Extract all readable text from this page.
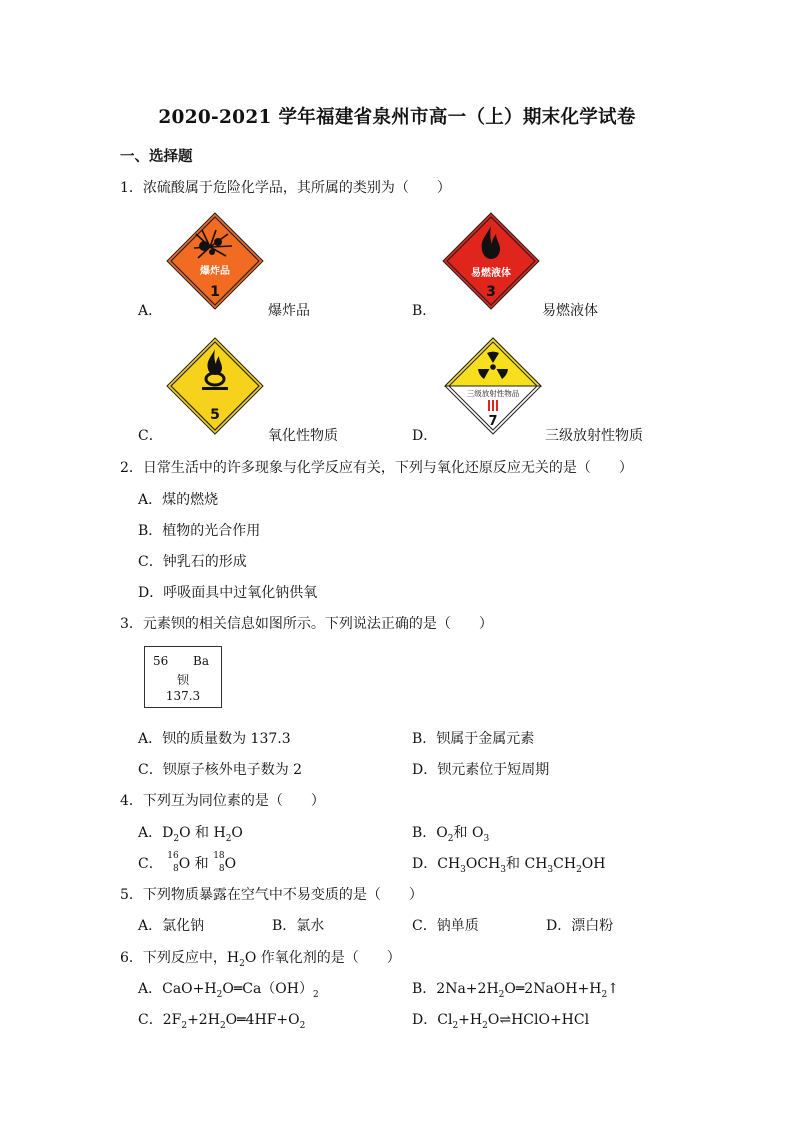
2020-2021 学年福建省泉州市高一（上）期末化学试卷
一、选择题
1．浓硫酸属于危险化学品，其所属的类别为（　　）
爆炸品
1
A．	爆炸品
易燃液体
3
B．	易燃液体
5
C．	氧化性物质
三级放射性物品
7
D．	三级放射性物质
2．日常生活中的许多现象与化学反应有关，下列与氧化还原反应无关的是（　　）
A．煤的燃烧
B．植物的光合作用
C．钟乳石的形成
D．呼吸面具中过氧化钠供氧
3．元素钡的相关信息如图所示。下列说法正确的是（　　）
56 Ba
钡
137.3
A．钡的质量数为 137.3	B．钡属于金属元素
C．钡原子核外电子数为 2	D．钡元素位于短周期
4．下列互为同位素的是（　　）
A．$D_2O$ 和 $H_2O$	B．$O_2$和 $O_3$
C． 16
8 O 和 18
8 O	D．$CH_3OCH_3$和 $CH_3CH_2OH$
5．下列物质暴露在空气中不易变质的是（　　）
A．氯化钠	B．氯水	C．钠单质	D．漂白粉
6．下列反应中，$H_2O$ 作氧化剂的是（　　）
A．$CaO+H_2O═Ca(OH)_2$	B．$2Na+2H_2O═2NaOH+H_2↑$
C．$2F_2+2H_2O═4HF+O_2$	D．$Cl_2+H_2O\rightleftharpoons HClO+HCl$
